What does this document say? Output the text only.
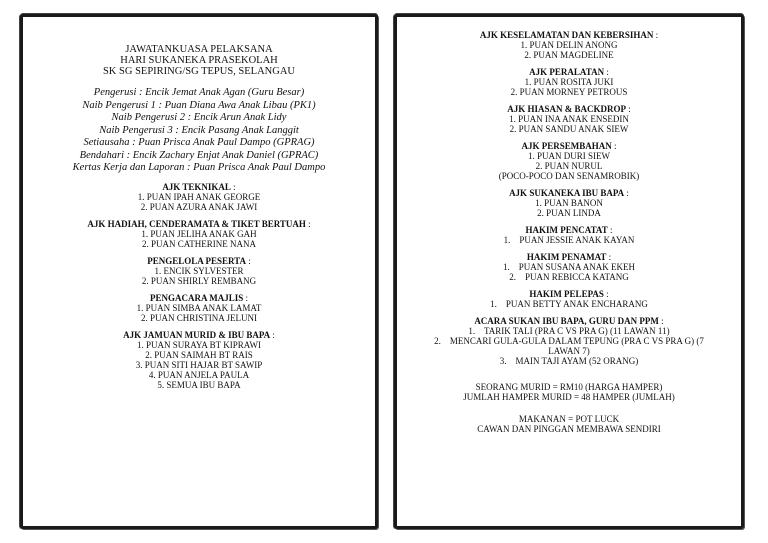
JAWATANKUASA PELAKSANA
HARI SUKANEKA PRASEKOLAH
SK SG SEPIRING/SG TEPUS, SELANGAU
Pengerusi : Encik Jemat Anak Agan (Guru Besar)
Naib Pengerusi 1 : Puan Diana Awa Anak Libau (PK1)
Naib Pengerusi 2 : Encik Arun Anak Lidy
Naib Pengerusi 3 : Encik Pasang Anak Langgit
Setiausaha : Puan Prisca Anak Paul Dampo (GPRAG)
Bendahari : Encik Zachary Enjat Anak Daniel (GPRAC)
Kertas Kerja dan Laporan : Puan Prisca Anak Paul Dampo
AJK TEKNIKAL :
1. PUAN IPAH ANAK GEORGE
2. PUAN AZURA ANAK JAWI
AJK HADIAH, CENDERAMATA & TIKET BERTUAH :
1. PUAN JELIHA ANAK GAH
2. PUAN CATHERINE NANA
PENGELOLA PESERTA :
1. ENCIK SYLVESTER
2. PUAN SHIRLY REMBANG
PENGACARA MAJLIS :
1. PUAN SIMBA ANAK LAMAT
2. PUAN CHRISTINA JELUNI
AJK JAMUAN MURID & IBU BAPA :
1. PUAN SURAYA BT KIPRAWI
2. PUAN SAIMAH BT RAIS
3. PUAN SITI HAJAR BT SAWIP
4. PUAN ANJELA PAULA
5. SEMUA IBU BAPA
AJK KESELAMATAN DAN KEBERSIHAN :
1. PUAN DELIN ANONG
2. PUAN MAGDELINE
AJK PERALATAN :
1. PUAN ROSITA JUKI
2. PUAN MORNEY PETROUS
AJK HIASAN & BACKDROP :
1. PUAN INA ANAK ENSEDIN
2. PUAN SANDU ANAK SIEW
AJK PERSEMBAHAN :
1. PUAN DURI SIEW
2. PUAN NURUL
(POCO-POCO DAN SENAMROBIK)
AJK SUKANEKA IBU BAPA :
1. PUAN BANON
2. PUAN LINDA
HAKIM PENCATAT :
1.    PUAN JESSIE ANAK KAYAN
HAKIM PENAMAT :
1.    PUAN SUSANA ANAK EKEH
2.    PUAN REBICCA KATANG
HAKIM PELEPAS :
1.    PUAN BETTY ANAK ENCHARANG
ACARA SUKAN IBU BAPA, GURU DAN PPM :
1.    TARIK TALI (PRA C VS PRA G) (11 LAWAN 11)
2.    MENCARI GULA-GULA DALAM TEPUNG (PRA C VS PRA G) (7 LAWAN 7)
3.    MAIN TAJI AYAM (52 ORANG)
SEORANG MURID = RM10 (HARGA HAMPER)
JUMLAH HAMPER MURID = 48 HAMPER (JUMLAH)
MAKANAN = POT LUCK
CAWAN DAN PINGGAN MEMBAWA SENDIRI
